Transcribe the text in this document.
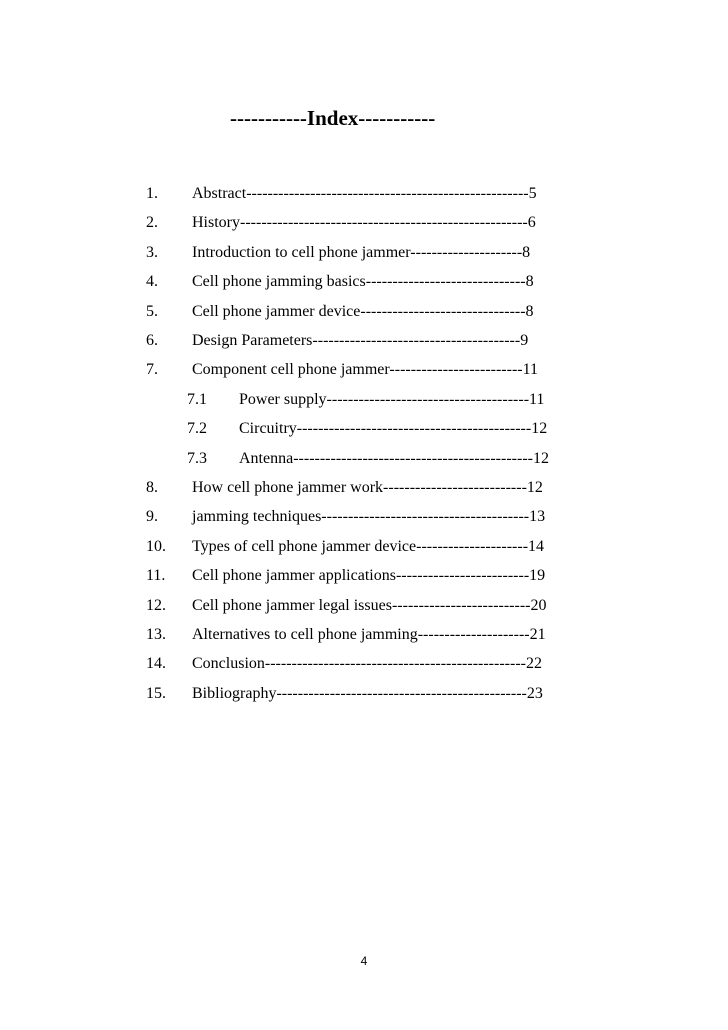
-----------Index-----------
1. Abstract-----------------------------------------------------5
2. History------------------------------------------------------6
3. Introduction to cell phone jammer---------------------8
4. Cell phone jamming basics------------------------------8
5. Cell phone jammer device-------------------------------8
6. Design Parameters---------------------------------------9
7. Component cell phone jammer-------------------------11
7.1 Power supply--------------------------------------11
7.2 Circuitry--------------------------------------------12
7.3 Antenna---------------------------------------------12
8. How cell phone jammer work---------------------------12
9. jamming techniques---------------------------------------13
10. Types of cell phone jammer device---------------------14
11. Cell phone jammer applications-------------------------19
12. Cell phone jammer legal issues--------------------------20
13. Alternatives to cell phone jamming---------------------21
14. Conclusion-------------------------------------------------22
15. Bibliography-----------------------------------------------23
4
